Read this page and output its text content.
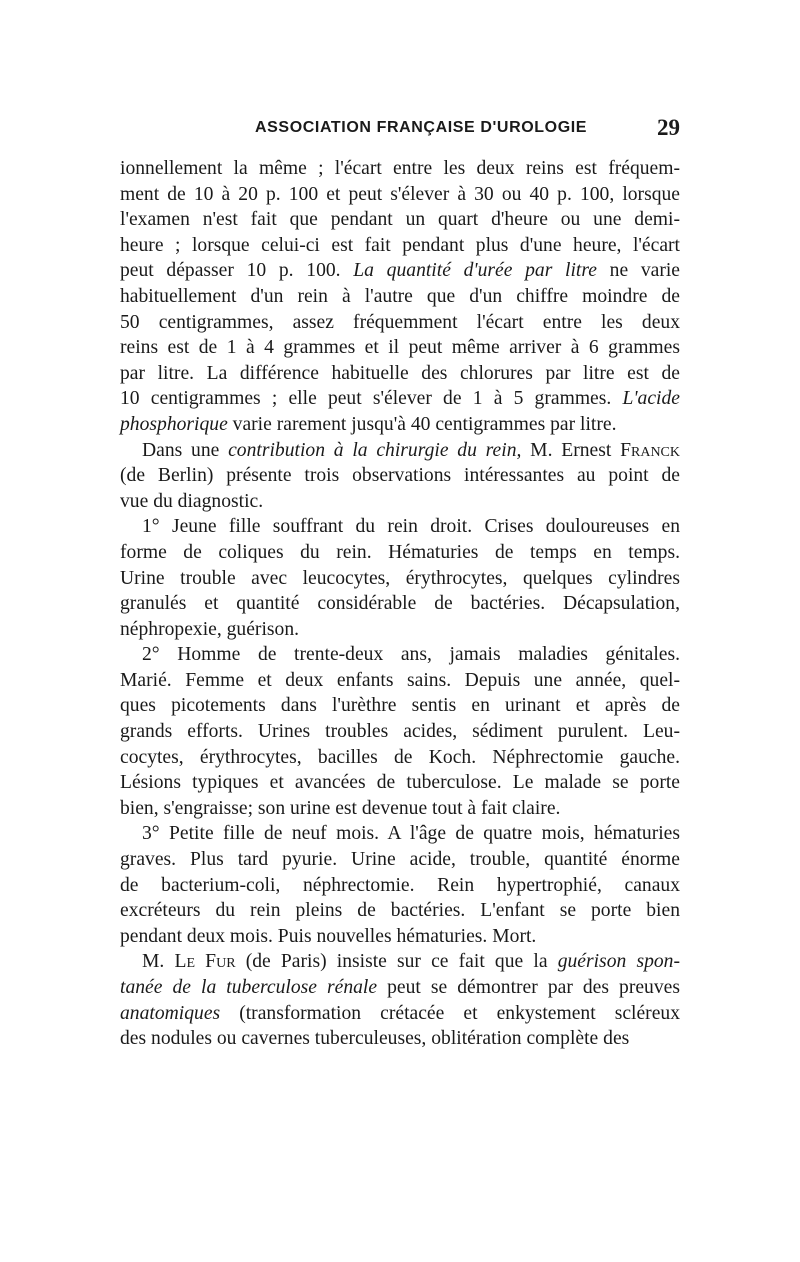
ASSOCIATION FRANÇAISE D'UROLOGIE	29

ionnellement la même ; l'écart entre les deux reins est fréquem-

ment de 10 à 20 p. 100 et peut s'élever à 30 ou 40 p. 100, lorsque

l'examen n'est fait que pendant un quart d'heure ou une demi-

heure ; lorsque celui-ci est fait pendant plus d'une heure, l'écart

peut dépasser 10 p. 100. La quantité d'urée par litre ne varie

habituellement d'un rein à l'autre que d'un chiffre moindre de

50 centigrammes, assez fréquemment l'écart entre les deux

reins est de 1 à 4 grammes et il peut même arriver à 6 grammes

par litre. La différence habituelle des chlorures par litre est de

10 centigrammes ; elle peut s'élever de 1 à 5 grammes. L'acide

phosphorique varie rarement jusqu'à 40 centigrammes par litre.

Dans une contribution à la chirurgie du rein, M. Ernest Franck

(de Berlin) présente trois observations intéressantes au point de

vue du diagnostic.

1° Jeune fille souffrant du rein droit. Crises douloureuses en

forme de coliques du rein. Hématuries de temps en temps.

Urine trouble avec leucocytes, érythrocytes, quelques cylindres

granulés et quantité considérable de bactéries. Décapsulation,

néphropexie, guérison.

2° Homme de trente-deux ans, jamais maladies génitales.

Marié. Femme et deux enfants sains. Depuis une année, quel-

ques picotements dans l'urèthre sentis en urinant et après de

grands efforts. Urines troubles acides, sédiment purulent. Leu-

cocytes, érythrocytes, bacilles de Koch. Néphrectomie gauche.

Lésions typiques et avancées de tuberculose. Le malade se porte

bien, s'engraisse; son urine est devenue tout à fait claire.

3° Petite fille de neuf mois. A l'âge de quatre mois, hématuries

graves. Plus tard pyurie. Urine acide, trouble, quantité énorme

de bacterium-coli, néphrectomie. Rein hypertrophié, canaux

excréteurs du rein pleins de bactéries. L'enfant se porte bien

pendant deux mois. Puis nouvelles hématuries. Mort.

M. Le Fur (de Paris) insiste sur ce fait que la guérison spon-

tanée de la tuberculose rénale peut se démontrer par des preuves

anatomiques (transformation crétacée et enkystement scléreux

des nodules ou cavernes tuberculeuses, oblitération complète des
